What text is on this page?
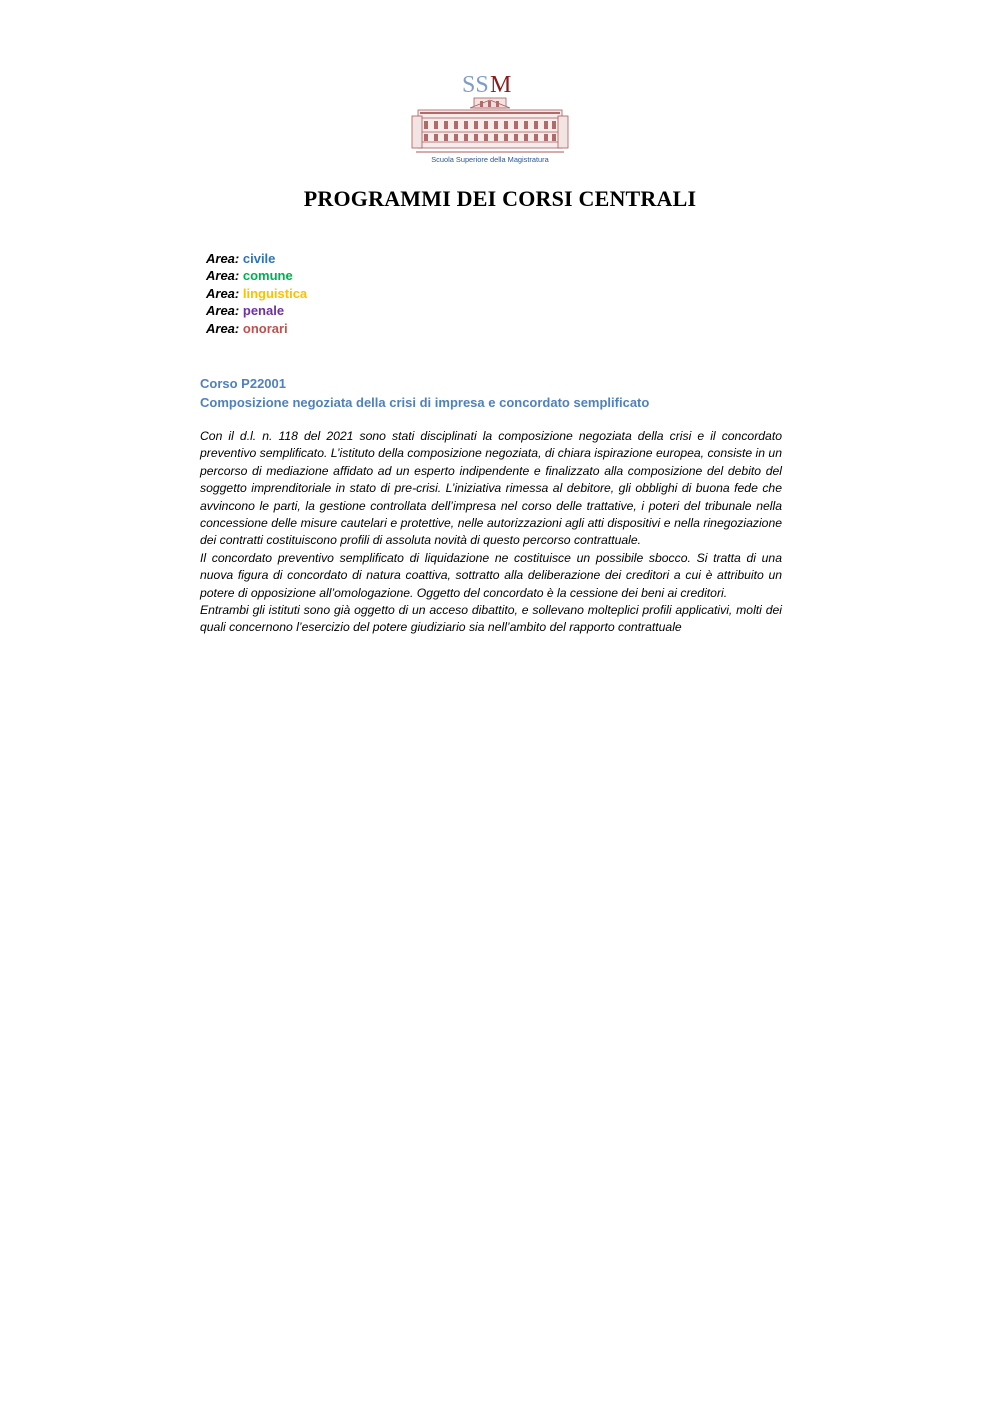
SS M
Scuola Superiore della Magistratura
PROGRAMMI DEI CORSI CENTRALI
Area: civile
Area: comune
Area: linguistica
Area: penale
Area: onorari
Corso P22001
Composizione negoziata della crisi di impresa e concordato semplificato

Con il d.l. n. 118 del 2021 sono stati disciplinati la composizione negoziata della crisi e il concordato preventivo semplificato. L’istituto della composizione negoziata, di chiara ispirazione europea, consiste in un percorso di mediazione affidato ad un esperto indipendente e finalizzato alla composizione del debito del soggetto imprenditoriale in stato di pre-crisi. L’iniziativa rimessa al debitore, gli obblighi di buona fede che avvincono le parti, la gestione controllata dell’impresa nel corso delle trattative, i poteri del tribunale nella concessione delle misure cautelari e protettive, nelle autorizzazioni agli atti dispositivi e nella rinegoziazione dei contratti costituiscono profili di assoluta novità di questo percorso contrattuale.

Il concordato preventivo semplificato di liquidazione ne costituisce un possibile sbocco. Si tratta di una nuova figura di concordato di natura coattiva, sottratto alla deliberazione dei creditori a cui è attribuito un potere di opposizione all’omologazione. Oggetto del concordato è la cessione dei beni ai creditori.

Entrambi gli istituti sono già oggetto di un acceso dibattito, e sollevano molteplici profili applicativi, molti dei quali concernono l’esercizio del potere giudiziario sia nell’ambito del rapporto contrattuale
